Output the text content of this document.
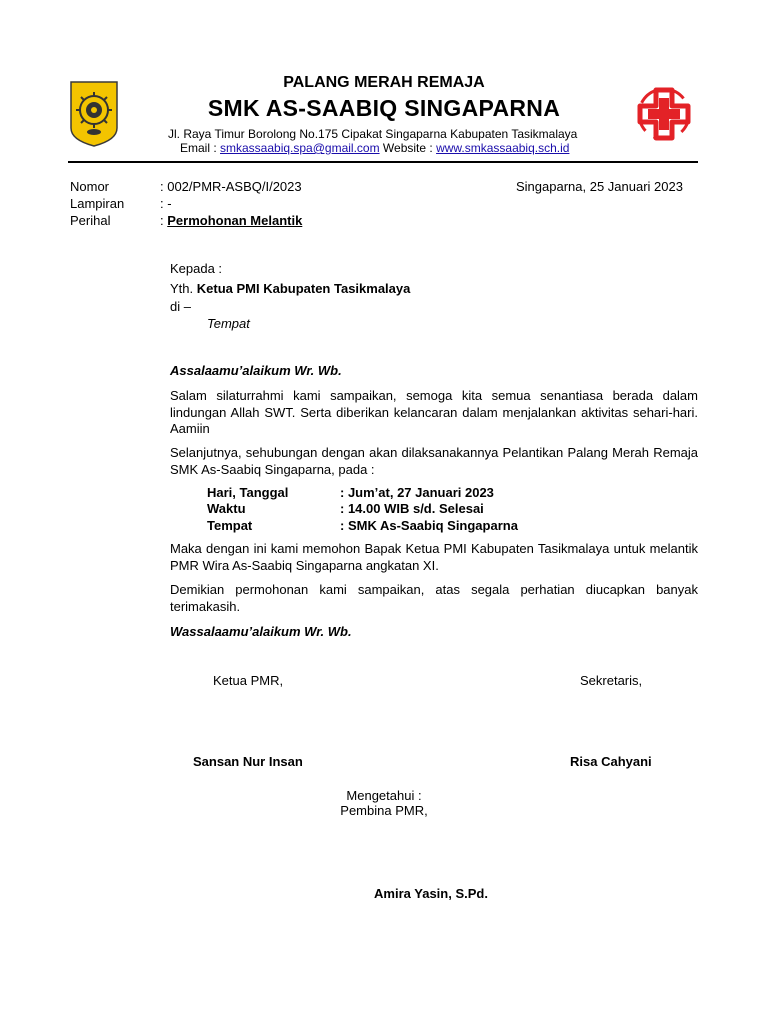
PALANG MERAH REMAJA
SMK AS-SAABIQ SINGAPARNA
Jl. Raya Timur Borolong No.175 Cipakat Singaparna Kabupaten Tasikmalaya
Email : smkassaabiq.spa@gmail.com Website : www.smkassaabiq.sch.id
Nomor	: 002/PMR-ASBQ/I/2023	Singaparna, 25 Januari 2023
Lampiran	: -
Perihal	: Permohonan Melantik
Kepada :
Yth. Ketua PMI Kabupaten Tasikmalaya
di –
Tempat
Assalaamu’alaikum Wr. Wb.
Salam silaturrahmi kami sampaikan, semoga kita semua senantiasa berada dalam lindungan Allah SWT. Serta diberikan kelancaran dalam menjalankan aktivitas sehari-hari. Aamiin
Selanjutnya, sehubungan dengan akan dilaksanakannya Pelantikan Palang Merah Remaja SMK As-Saabiq Singaparna, pada :
Hari, Tanggal	: Jum’at, 27 Januari 2023
Waktu	: 14.00 WIB s/d. Selesai
Tempat	: SMK As-Saabiq Singaparna
Maka dengan ini kami memohon Bapak Ketua PMI Kabupaten Tasikmalaya untuk melantik PMR Wira As-Saabiq Singaparna angkatan XI.
Demikian permohonan kami sampaikan, atas segala perhatian diucapkan banyak terimakasih.
Wassalaamu’alaikum Wr. Wb.
Ketua PMR,	Sekretaris,
Sansan Nur Insan	Risa Cahyani
Mengetahui :
Pembina PMR,
Amira Yasin, S.Pd.
